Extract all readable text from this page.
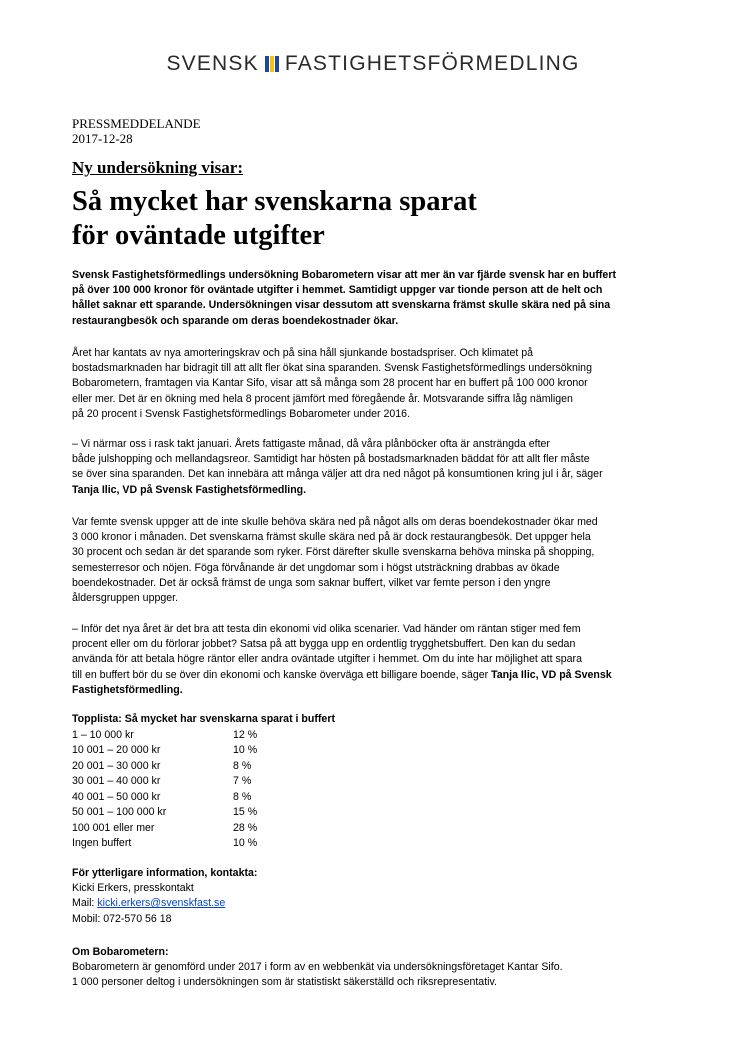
SVENSK FASTIGHETSFÖRMEDLING
PRESSMEDDELANDE
2017-12-28
Ny undersökning visar:
Så mycket har svenskarna sparat
för oväntade utgifter

Svensk Fastighetsförmedlings undersökning Bobarometern visar att mer än var fjärde svensk har en buffert
på över 100 000 kronor för oväntade utgifter i hemmet. Samtidigt uppger var tionde person att de helt och
hållet saknar ett sparande. Undersökningen visar dessutom att svenskarna främst skulle skära ned på sina
restaurangbesök och sparande om deras boendekostnader ökar.

Året har kantats av nya amorteringskrav och på sina håll sjunkande bostadspriser. Och klimatet på
bostadsmarknaden har bidragit till att allt fler ökat sina sparanden. Svensk Fastighetsförmedlings undersökning
Bobarometern, framtagen via Kantar Sifo, visar att så många som 28 procent har en buffert på 100 000 kronor
eller mer. Det är en ökning med hela 8 procent jämfört med föregående år. Motsvarande siffra låg nämligen
på 20 procent i Svensk Fastighetsförmedlings Bobarometer under 2016.

– Vi närmar oss i rask takt januari. Årets fattigaste månad, då våra plånböcker ofta är ansträngda efter
både julshopping och mellandagsreor. Samtidigt har hösten på bostadsmarknaden bäddat för att allt fler måste
se över sina sparanden. Det kan innebära att många väljer att dra ned något på konsumtionen kring jul i år, säger
Tanja Ilic, VD på Svensk Fastighetsförmedling.

Var femte svensk uppger att de inte skulle behöva skära ned på något alls om deras boendekostnader ökar med
3 000 kronor i månaden. Det svenskarna främst skulle skära ned på är dock restaurangbesök. Det uppger hela
30 procent och sedan är det sparande som ryker. Först därefter skulle svenskarna behöva minska på shopping,
semesterresor och nöjen. Föga förvånande är det ungdomar som i högst utsträckning drabbas av ökade
boendekostnader. Det är också främst de unga som saknar buffert, vilket var femte person i den yngre
åldersgruppen uppger.

– Inför det nya året är det bra att testa din ekonomi vid olika scenarier. Vad händer om räntan stiger med fem
procent eller om du förlorar jobbet? Satsa på att bygga upp en ordentlig trygghetsbuffert. Den kan du sedan
använda för att betala högre räntor eller andra oväntade utgifter i hemmet. Om du inte har möjlighet att spara
till en buffert bör du se över din ekonomi och kanske överväga ett billigare boende, säger Tanja Ilic, VD på Svensk
Fastighetsförmedling.

Topplista: Så mycket har svenskarna sparat i buffert
1 – 10 000 kr	12 %
10 001 – 20 000 kr	10 %
20 001 – 30 000 kr	8 %
30 001 – 40 000 kr	7 %
40 001 – 50 000 kr	8 %
50 001 – 100 000 kr	15 %
100 001 eller mer	28 %
Ingen buffert	10 %

För ytterligare information, kontakta:
Kicki Erkers, presskontakt
Mail: kicki.erkers@svenskfast.se
Mobil: 072-570 56 18

Om Bobarometern:
Bobarometern är genomförd under 2017 i form av en webbenkät via undersökningsföretaget Kantar Sifo.
1 000 personer deltog i undersökningen som är statistiskt säkerställd och riksrepresentativ.
